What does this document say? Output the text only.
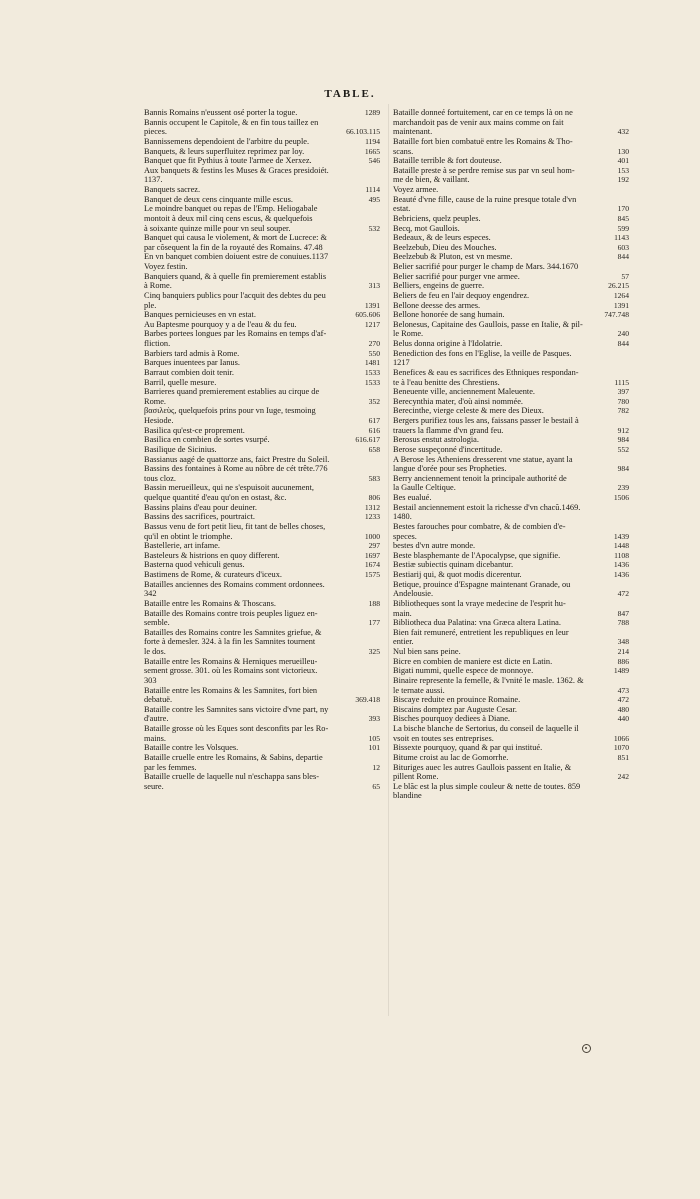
TABLE.
Bannis Romains n'eussent osé porter la togue.	1289
Bannis occupent le Capitole, & en fin tous taillez en
pieces.	66.103.115
Bannissemens dependoient de l'arbitre du peuple.	1194
Banquets, & leurs superfluitez reprimez par loy.	1665
Banquet que fit Pythius à toute l'armee de Xerxez.	546
Aux banquets & festins les Muses & Graces presidoiét.
1137.
Banquets sacrez.	1114
Banquet de deux cens cinquante mille escus.	495
Le moindre banquet ou repas de l'Emp. Heliogabale
montoit à deux mil cinq cens escus, & quelquefois
à soixante quinze mille pour vn seul souper.	532
Banquet qui causa le violement, & mort de Lucrece: &
par cõsequent la fin de la royauté des Romains. 47.48
En vn banquet combien doiuent estre de conuiues.1137
Voyez festin.
Banquiers quand, & à quelle fin premierement establis
à Rome.	313
Cinq banquiers publics pour l'acquit des debtes du peu
ple.	1391
Banques pernicieuses en vn estat.	605.606
Au Baptesme pourquoy y a de l'eau & du feu.	1217
Barbes portees longues par les Romains en temps d'af-
fliction.	270
Barbiers tard admis à Rome.	550
Barques inuentees par Ianus.	1481
Barraut combien doit tenir.	1533
Barril, quelle mesure.	1533
Barrieres quand premierement establies au cirque de
Rome.	352
βασιλεὺς, quelquefois prins pour vn Iuge, tesmoing
Hesiode.	617
Basilica qu'est-ce proprement.	616
Basilica en combien de sortes vsurpé.	616.617
Basilique de Sicinius.	658
Bassianus aagé de quattorze ans, faict Prestre du Soleil.
Bassins des fontaines à Rome au nõbre de cét trête.776
tous cloz.	583
Bassin merueilleux, qui ne s'espuisoit aucunement,
quelque quantité d'eau qu'on en ostast, &c.	806
Bassins plains d'eau pour deuiner.	1312
Bassins des sacrifices, pourtraict.	1233
Bassus venu de fort petit lieu, fit tant de belles choses,
qu'il en obtint le triomphe.	1000
Bastellerie, art infame.	297
Basteleurs & histrions en quoy different.	1697
Basterna quod vehiculi genus.	1674
Bastimens de Rome, & curateurs d'iceux.	1575
Batailles anciennes des Romains comment ordonnees.
342
Bataille entre les Romains & Thoscans.	188
Bataille des Romains contre trois peuples liguez en-
semble.	177
Batailles des Romains contre les Samnites griefue, &
forte à demesler. 324. à la fin les Samnites tournent
le dos.	325
Bataille entre les Romains & Herniques merueilleu-
sement grosse. 301. où les Romains sont victorieux.
303
Bataille entre les Romains & les Samnites, fort bien
debatuë.	369.418
Bataille contre les Samnites sans victoire d'vne part, ny
d'autre.	393
Bataille grosse où les Eques sont desconfits par les Ro-
mains.	105
Bataille contre les Volsques.	101
Bataille cruelle entre les Romains, & Sabins, departie
par les femmes.	12
Bataille cruelle de laquelle nul n'eschappa sans bles-
seure.	65
Bataille donneé fortuitement, car en ce temps là on ne
marchandoit pas de venir aux mains comme on fait
maintenant.	432
Bataille fort bien combatuë entre les Romains & Tho-
scans.	130
Bataille terrible & fort douteuse.	401
Bataille preste à se perdre remise sus par vn seul hom-	153
me de bien, & vaillant.	192
Voyez armee.
Beauté d'vne fille, cause de la ruine presque totale d'vn
estat.	170
Bebriciens, quelz peuples.	845
Becq, mot Gaullois.	599
Bedeaux, & de leurs especes.	1143
Beelzebub, Dieu des Mouches.	603
Beelzebub & Pluton, est vn mesme.	844
Belier sacrifié pour purger le champ de Mars. 344.1670
Belier sacrifié pour purger vne armee.	57
Belliers, engeins de guerre.	26.215
Beliers de feu en l'air dequoy engendrez.	1264
Bellone deesse des armes.	1391
Bellone honorée de sang humain.	747.748
Belonesus, Capitaine des Gaullois, passe en Italie, & pil-
le Rome.	240
Belus donna origine à l'Idolatrie.	844
Benediction des fons en l'Eglise, la veille de Pasques.
1217
Benefices & eau es sacrifices des Ethniques respondan-
te à l'eau benitte des Chrestiens.	1115
Beneuente ville, anciennement Maleuente.	397
Berecynthia mater, d'où ainsi nommée.	780
Berecinthe, vierge celeste & mere des Dieux.	782
Bergers purifiez tous les ans, faissans passer le bestail à
trauers la flamme d'vn grand feu.	912
Berosus enstut astrologia.	984
Berose suspeçonné d'incertitude.	552
A Berose les Atheniens dresserent vne statue, ayant la
langue d'orée pour ses Propheties.	984
Berry anciennement tenoit la principale authorité de
la Gaulle Celtique.	239
Bes eualué.	1506
Bestail anciennement estoit la richesse d'vn chacũ.1469.
1480.
Bestes farouches pour combatre, & de combien d'e-
speces.	1439
bestes d'vn autre monde.	1448
Beste blasphemante de l'Apocalypse, que signifie.	1108
Bestiæ subiectis quinam dicebantur.	1436
Bestiarij qui, & quot modis dicerentur.	1436
Betique, prouince d'Espagne maintenant Granade, ou
Andelousie.	472
Bibliotheques sont la vraye medecine de l'esprit hu-
main.	847
Bibliotheca dua Palatina: vna Græca altera Latina.	788
Bien fait remuneré, entretient les republiques en leur
entier.	348
Nul bien sans peine.	214
Bicre en combien de maniere est dicte en Latin.	886
Bigati nummi, quelle espece de monnoye.	1489
Binaire represente la femelle, & l'vnité le masle. 1362. &
le ternate aussi.	473
Biscaye reduite en prouince Romaine.	472
Biscains domptez par Auguste Cesar.	480
Bisches pourquoy dediees à Diane.	440
La bische blanche de Sertorius, du conseil de laquelle il
vsoit en toutes ses entreprises.	1066
Bissexte pourquoy, quand & par qui institué.	1070
Bitume croist au lac de Gomorrhe.	851
Bituriges auec les autres Gaullois passent en Italie, &
pillent Rome.	242
Le blãc est la plus simple couleur & nette de toutes. 859
blandine
